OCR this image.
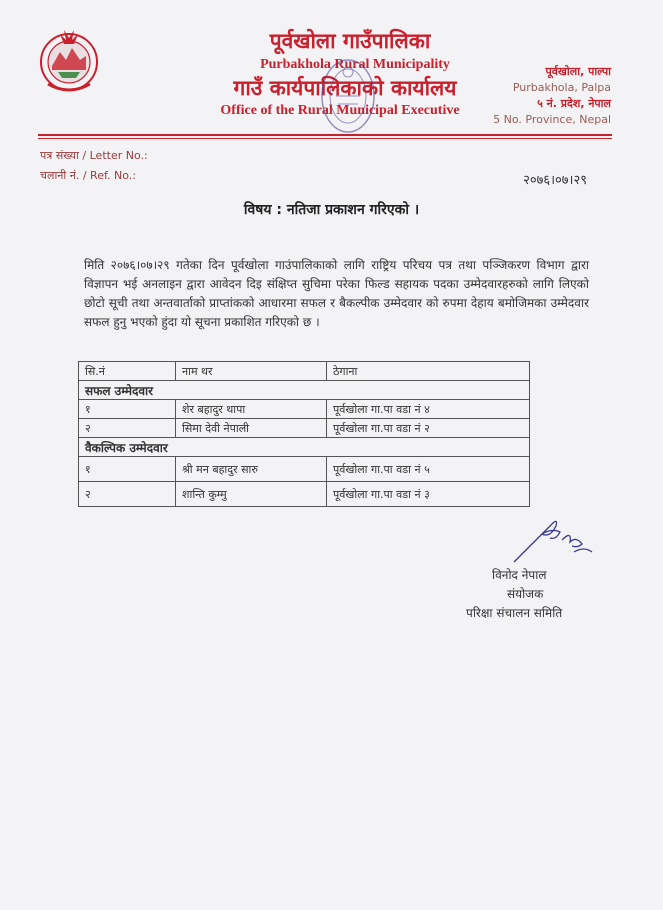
पूर्वखोला गाउँपालिका
Purbakhola Rural Municipality
गाउँ कार्यपालिकाको कार्यालय
Office of the Rural Municipal Executive
पूर्वखोला, पाल्पा
Purbakhola, Palpa
५ नं. प्रदेश, नेपाल
5 No. Province, Nepal
पत्र संख्या / Letter No.:
चलानी नं. / Ref. No.:	२०७६।०७।२९
विषय : नतिजा प्रकाशन गरिएको ।
मिति २०७६।०७।२९ गतेका दिन पूर्वखोला गाउंपालिकाको लागि राष्ट्रिय परिचय पत्र तथा पञ्जिकरण विभाग द्वारा विज्ञापन भई अनलाइन द्वारा आवेदन दिइ संक्षिप्त सुचिमा परेका फिल्ड सहायक पदका उम्मेदवारहरुको लागि लिएको छोटो सूची तथा अन्तवार्ताको प्राप्तांकको आधारमा सफल र बैकल्पीक उम्मेदवार को रुपमा देहाय बमोजिमका उम्मेदवार सफल हुनु भएको हुंदा यो सूचना प्रकाशित गरिएको छ ।
सि.नं	नाम थर	ठेगाना
सफल उम्मेदवार		
१	शेर बहादुर थापा	पूर्वखोला गा.पा वडा नं ४
२	सिमा देवी नेपाली	पूर्वखोला गा.पा वडा नं २
वैकल्पिक उम्मेदवार		
१	श्री मन बहादुर सारु	पूर्वखोला गा.पा वडा नं ५
२	शान्ति कुम्मु	पूर्वखोला गा.पा वडा नं ३
विनोद नेपाल
संयोजक
परिक्षा संचालन समिति
